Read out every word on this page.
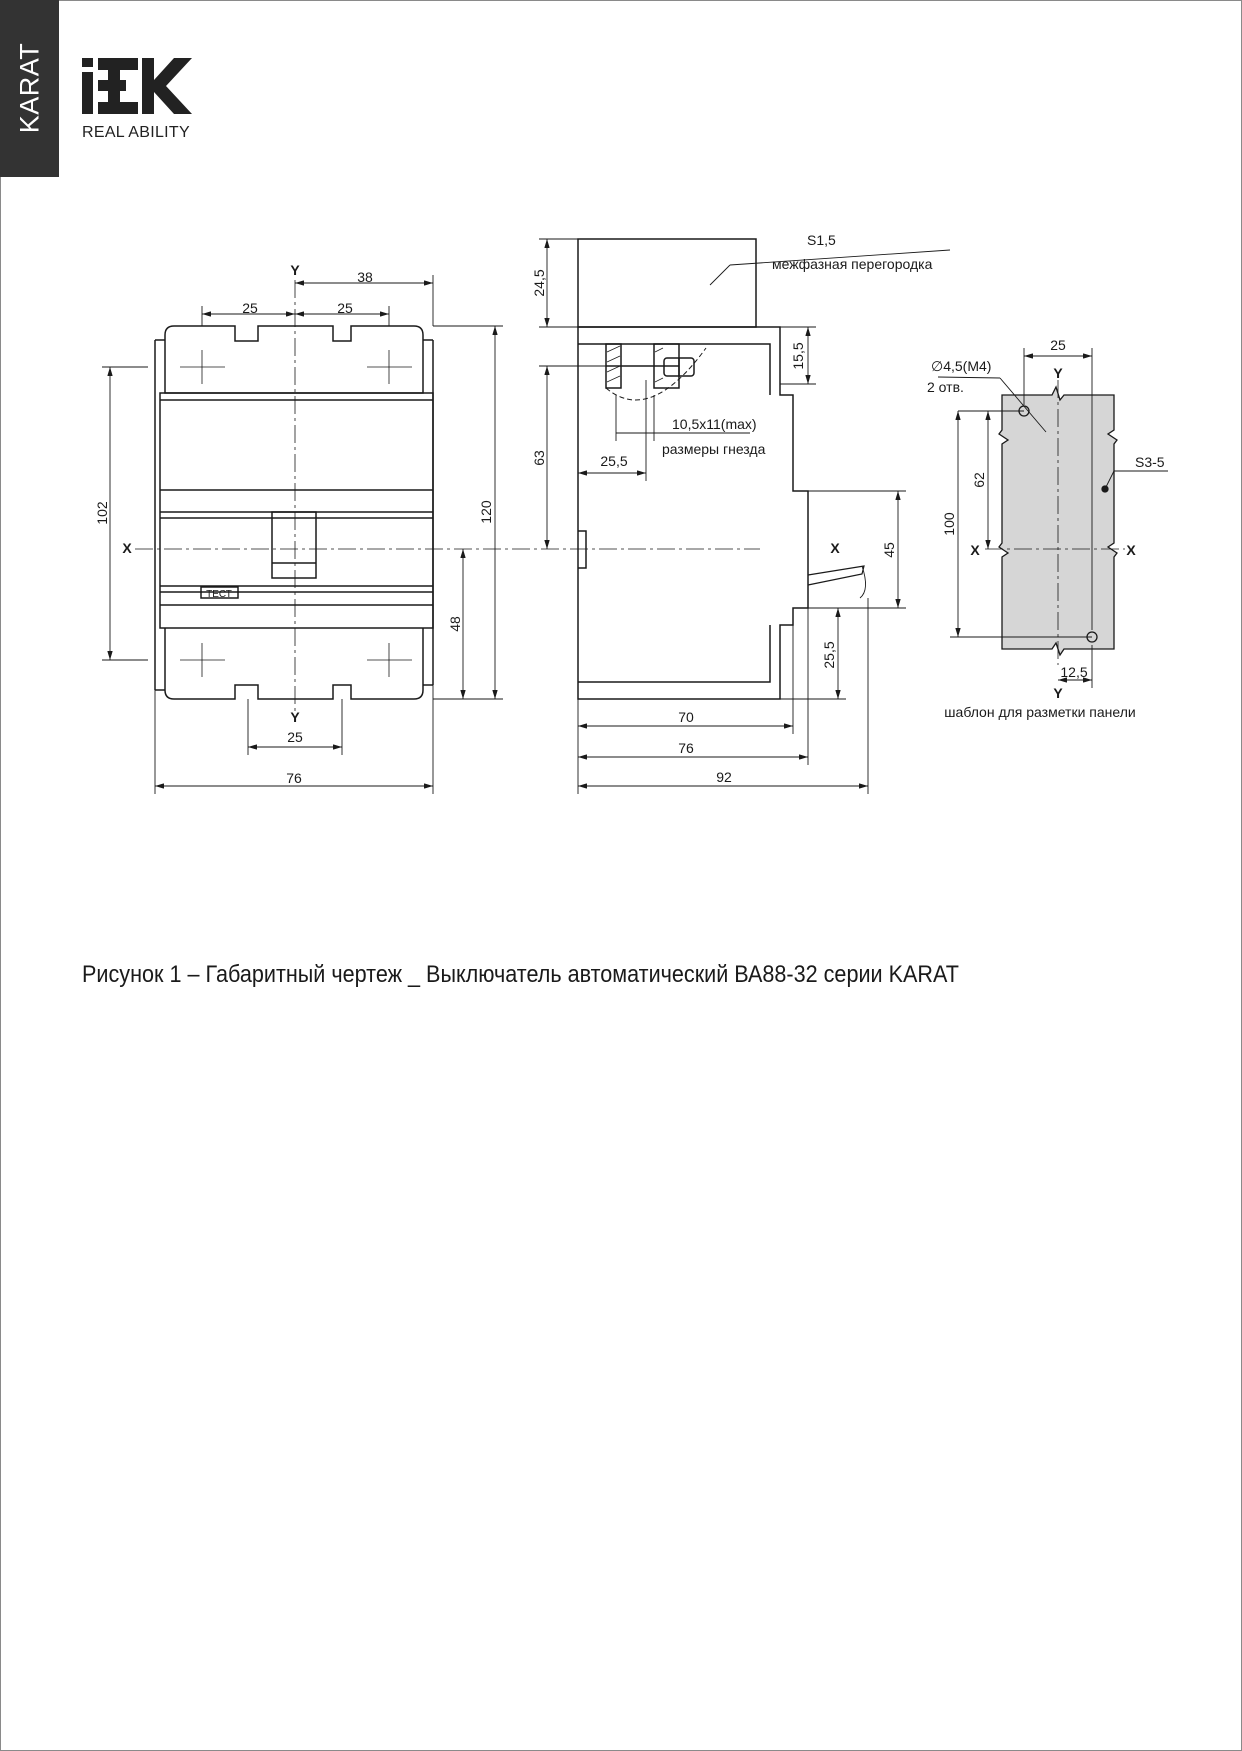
KARAT REAL ABILITY
ТЕСТ
Y	38
25	25
102
X
120
48
Y
25
76
S1,5
межфазная перегородка
24,5
15,5
63
10,5x11(max)
размеры гнезда
25,5
X	45
25,5
70
76
92
25
∅4,5(M4)
2 отв.
Y
S3-5
62
100
X	X
12,5
Y
шаблон для разметки панели
Рисунок 1 – Габаритный чертеж _ Выключатель автоматический ВА88-32 серии KARAT
